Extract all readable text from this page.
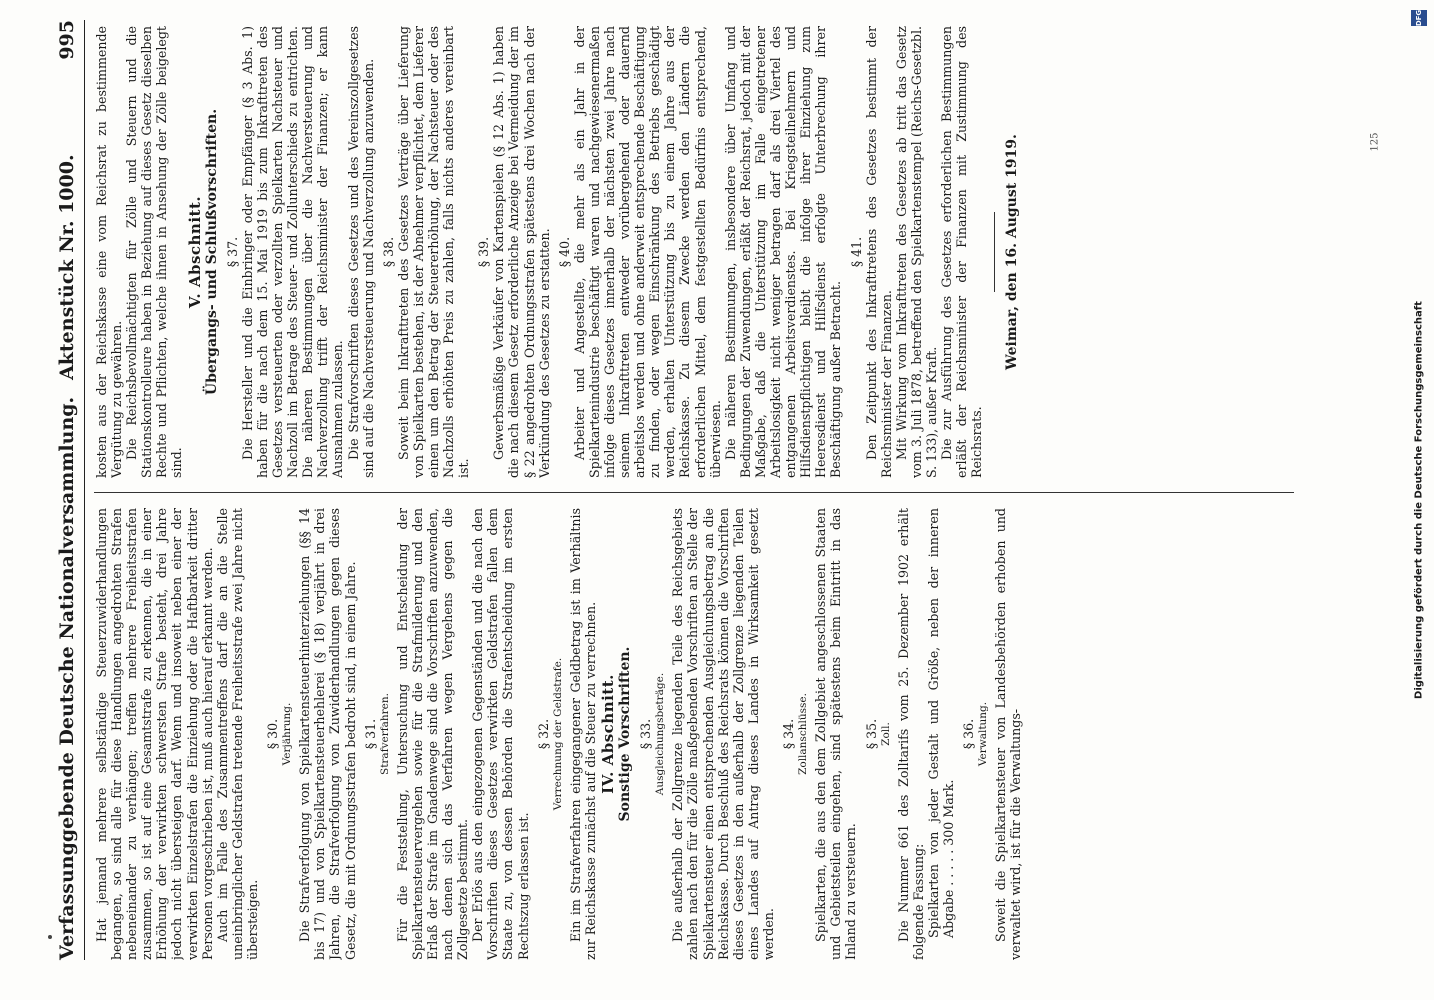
Verfassunggebende Deutsche Nationalversammlung.
Aktenstück Nr. 1000.
995

Hat jemand mehrere selbständige Steuerzuwiderhandlungen begangen, so sind alle für diese Handlungen angedrohten Strafen nebeneinander zu verhängen; treffen mehrere Freiheitsstrafen zusammen, so ist auf eine Gesamtstrafe zu erkennen, die in einer Erhöhung der verwirkten schwersten Strafe besteht, drei Jahre jedoch nicht übersteigen darf. Wenn und insoweit neben einer der verwirkten Einzelstrafen die Einziehung oder die Haftbarkeit dritter Personen vorgeschrieben ist, muß auch hierauf erkannt werden. Auch im Falle des Zusammentreffens darf die an die Stelle uneinbringlicher Geldstrafen tretende Freiheitsstrafe zwei Jahre nicht übersteigen.

§ 30. Verjährung. Die Strafverfolgung von Spielkartensteuerhinterziehungen (§§ 14 bis 17) und von Spielkartensteuerhehlerei (§ 18) verjährt in drei Jahren, die Strafverfolgung von Zuwiderhandlungen gegen dieses Gesetz, die mit Ordnungsstrafen bedroht sind, in einem Jahre. § 31. Strafverfahren. Für die Feststellung, Untersuchung und Entscheidung der Spielkartensteuervergehen sowie für die Strafmilderung und den Erlaß der Strafe im Gnadenwege sind die Vorschriften anzuwenden, nach denen sich das Verfahren wegen Vergehens gegen die Zollgesetze bestimmt. Der Erlös aus den eingezogenen Gegenständen und die nach den Vorschriften dieses Gesetzes verwirkten Geldstrafen fallen dem Staate zu, von dessen Behörden die Strafentscheidung im ersten Rechtszug erlassen ist.

§ 32. Verrechnung der Geldstrafe. Ein im Strafverfahren eingegangener Geldbetrag ist im Verhältnis zur Reichskasse zunächst auf die Steuer zu verrechnen. IV. Abschnitt. Sonstige Vorschriften. § 33. Ausgleichungsbeträge. Die außerhalb der Zollgrenze liegenden Teile des Reichsgebiets zahlen nach den für die Zölle maßgebenden Vorschriften an Stelle der Spielkartensteuer einen entsprechenden Ausgleichungsbetrag an die Reichskasse. Durch Beschluß des Reichsrats können die Vorschriften dieses Gesetzes in den außerhalb der Zollgrenze liegenden Teilen eines Landes auf Antrag dieses Landes in Wirksamkeit gesetzt werden.

§ 34. Zollanschlüsse. Spielkarten, die aus den dem Zollgebiet angeschlossenen Staaten und Gebietsteilen eingehen, sind spätestens beim Eintritt in das Inland zu versteuern.

§ 35. Zoll. Die Nummer 661 des Zolltarifs vom 25. Dezember 1902 erhält folgende Fassung: Spielkarten von jeder Gestalt und Größe, neben der inneren Abgabe . . . . . 300 Mark.

§ 36. Verwaltung. Soweit die Spielkartensteuer von Landesbehörden erhoben und verwaltet wird, ist für die Verwaltungs-

kosten aus der Reichskasse eine vom Reichsrat zu bestimmende Vergütung zu gewähren. Die Reichsbevollmächtigten für Zölle und Steuern und die Stationskontrolleure haben in Beziehung auf dieses Gesetz dieselben Rechte und Pflichten, welche ihnen in Ansehung der Zölle beigelegt sind.

V. Abschnitt. Übergangs- und Schlußvorschriften. § 37. Die Hersteller und die Einbringer oder Empfänger (§ 3 Abs. 1) haben für die nach dem 15. Mai 1919 bis zum Inkrafttreten des Gesetzes versteuerten oder verzollten Spielkarten Nachsteuer und Nachzoll im Betrage des Steuer- und Zollunterschieds zu entrichten. Die näheren Bestimmungen über die Nachversteuerung und Nachverzollung trifft der Reichsminister der Finanzen; er kann Ausnahmen zulassen. Die Strafvorschriften dieses Gesetzes und des Vereinszollgesetzes sind auf die Nachversteuerung und Nachverzollung anzuwenden. § 38. Soweit beim Inkrafttreten des Gesetzes Verträge über Lieferung von Spielkarten bestehen, ist der Abnehmer verpflichtet, dem Lieferer einen um den Betrag der Steuererhöhung, der Nachsteuer oder des Nachzolls erhöhten Preis zu zahlen, falls nichts anderes vereinbart ist.

§ 39. Gewerbsmäßige Verkäufer von Kartenspielen (§ 12 Abs. 1) haben die nach diesem Gesetz erforderliche Anzeige bei Vermeidung der im § 22 angedrohten Ordnungsstrafen spätestens drei Wochen nach der Verkündung des Gesetzes zu erstatten. § 40. Arbeiter und Angestellte, die mehr als ein Jahr in der Spielkartenindustrie beschäftigt waren und nachgewiesenermaßen infolge dieses Gesetzes innerhalb der nächsten zwei Jahre nach seinem Inkrafttreten entweder vorübergehend oder dauernd arbeitslos werden und ohne anderweit entsprechende Beschäftigung zu finden, oder wegen Einschränkung des Betriebs geschädigt werden, erhalten Unterstützung bis zu einem Jahre aus der Reichskasse. Zu diesem Zwecke werden den Ländern die erforderlichen Mittel, dem festgestellten Bedürfnis entsprechend, überwiesen. Die näheren Bestimmungen, insbesondere über Umfang und Bedingungen der Zuwendungen, erläßt der Reichsrat, jedoch mit der Maßgabe, daß die Unterstützung im Falle eingetretener Arbeitslosigkeit nicht weniger betragen darf als drei Viertel des entgangenen Arbeitsverdienstes. Bei Kriegsteilnehmern und Hilfsdienstpflichtigen bleibt die infolge ihrer Einziehung zum Heeresdienst und Hilfsdienst erfolgte Unterbrechung ihrer Beschäftigung außer Betracht.

§ 41. Den Zeitpunkt des Inkrafttretens des Gesetzes bestimmt der Reichsminister der Finanzen. Mit Wirkung vom Inkrafttreten des Gesetzes ab tritt das Gesetz vom 3. Juli 1878, betreffend den Spielkartenstempel (Reichs-Gesetzbl. S. 133), außer Kraft. Die zur Ausführung des Gesetzes erforderlichen Bestimmungen erläßt der Reichsminister der Finanzen mit Zustimmung des Reichsrats.

Weimar, den 16. August 1919.	125
DFG
Digitalisierung gefördert durch die Deutsche Forschungsgemeinschaft
